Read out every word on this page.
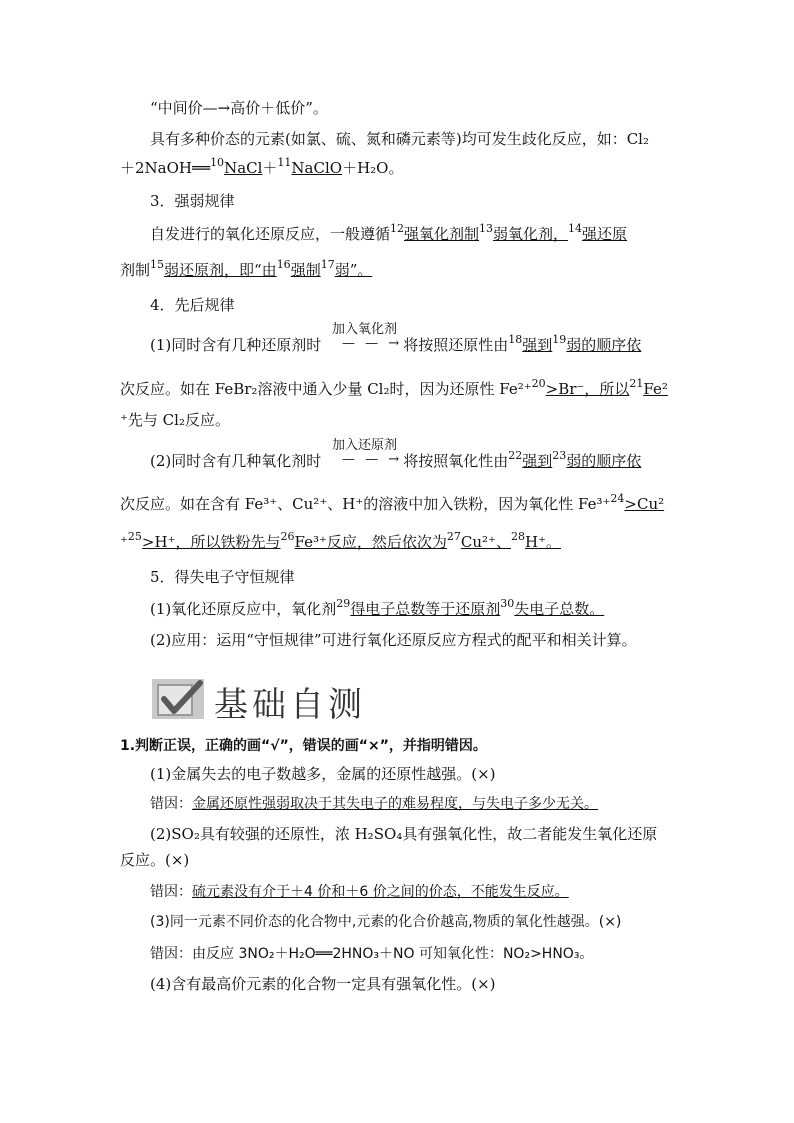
“中间价—→高价＋低价”。
具有多种价态的元素(如氯、硫、氮和磷元素等)均可发生歧化反应，如：Cl₂
＋2NaOH══$^{10}$NaCl＋$^{11}$NaClO＋H₂O。
3．强弱规律
自发进行的氧化还原反应，一般遵循$^{12}$强氧化剂制$^{13}$弱氧化剂，$^{14}$强还原
剂制$^{15}$弱还原剂，即“由$^{16}$强制$^{17}$弱”。
4．先后规律
加入氧化剂
— — →
(1)同时含有几种还原剂时	将按照还原性由$^{18}$强到$^{19}$弱的顺序依
次反应。如在 FeBr₂溶液中通入少量 Cl₂时，因为还原性 Fe²⁺$^{20}$>Br⁻，所以$^{21}$Fe²
⁺先与 Cl₂反应。
加入还原剂
— — →
(2)同时含有几种氧化剂时	将按照氧化性由$^{22}$强到$^{23}$弱的顺序依
次反应。如在含有 Fe³⁺、Cu²⁺、H⁺的溶液中加入铁粉，因为氧化性 Fe³⁺$^{24}$>Cu²
⁺$^{25}$>H⁺，所以铁粉先与$^{26}$Fe³⁺反应，然后依次为$^{27}$Cu²⁺、$^{28}$H⁺。
5．得失电子守恒规律
(1)氧化还原反应中，氧化剂$^{29}$得电子总数等于还原剂$^{30}$失电子总数。
(2)应用：运用“守恒规律”可进行氧化还原反应方程式的配平和相关计算。
基础自测
1.判断正误，正确的画“√”，错误的画“×”，并指明错因。
(1)金属失去的电子数越多，金属的还原性越强。(×)
错因：金属还原性强弱取决于其失电子的难易程度，与失电子多少无关。
(2)SO₂具有较强的还原性，浓 H₂SO₄具有强氧化性，故二者能发生氧化还原
反应。(×)
错因：硫元素没有介于＋4 价和＋6 价之间的价态，不能发生反应。
(3)同一元素不同价态的化合物中,元素的化合价越高,物质的氧化性越强。(×)
错因：由反应 3NO₂＋H₂O══2HNO₃＋NO 可知氧化性：NO₂>HNO₃。
(4)含有最高价元素的化合物一定具有强氧化性。(×)
